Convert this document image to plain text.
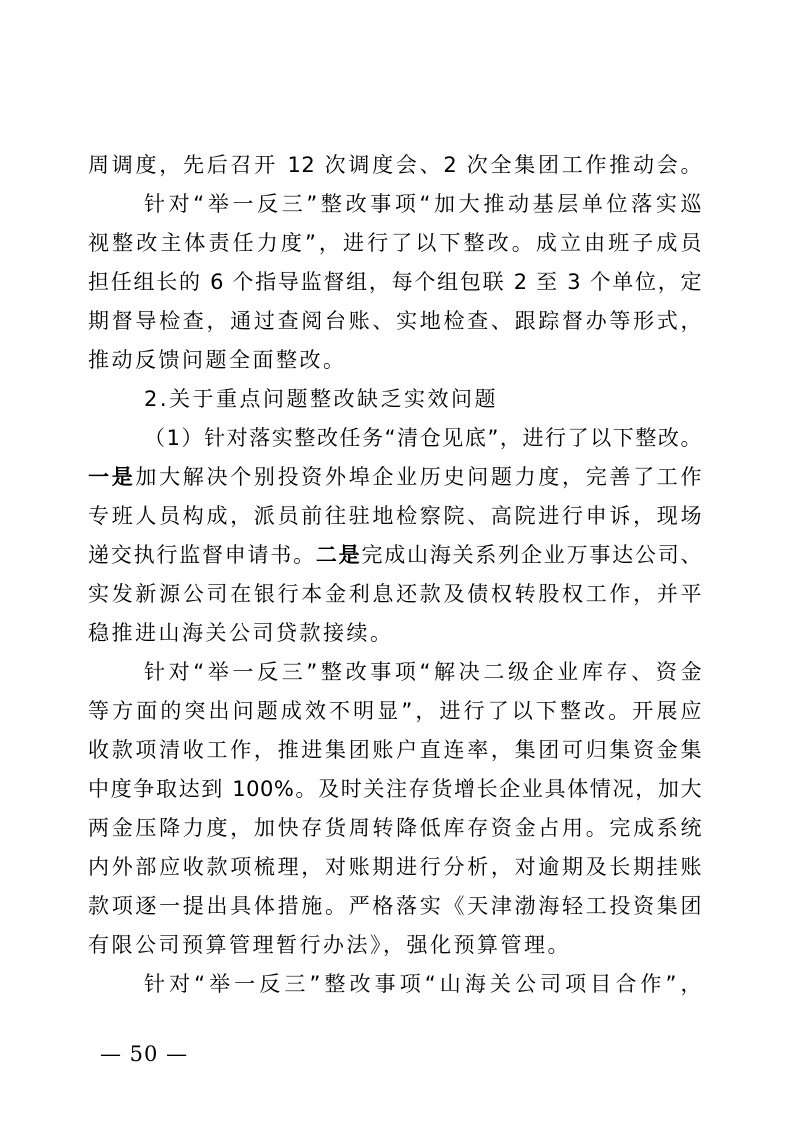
周调度，先后召开 12 次调度会、2 次全集团工作推动会。
针对“举一反三”整改事项“加大推动基层单位落实巡
视整改主体责任力度”，进行了以下整改。成立由班子成员
担任组长的 6 个指导监督组，每个组包联 2 至 3 个单位，定
期督导检查，通过查阅台账、实地检查、跟踪督办等形式，
推动反馈问题全面整改。
2.关于重点问题整改缺乏实效问题
（1）针对落实整改任务“清仓见底”，进行了以下整改。
一是加大解决个别投资外埠企业历史问题力度，完善了工作
专班人员构成，派员前往驻地检察院、高院进行申诉，现场
递交执行监督申请书。二是完成山海关系列企业万事达公司、
实发新源公司在银行本金利息还款及债权转股权工作，并平
稳推进山海关公司贷款接续。
针对“举一反三”整改事项“解决二级企业库存、资金
等方面的突出问题成效不明显”，进行了以下整改。开展应
收款项清收工作，推进集团账户直连率，集团可归集资金集
中度争取达到 100%。及时关注存货增长企业具体情况，加大
两金压降力度，加快存货周转降低库存资金占用。完成系统
内外部应收款项梳理，对账期进行分析，对逾期及长期挂账
款项逐一提出具体措施。严格落实《天津渤海轻工投资集团
有限公司预算管理暂行办法》，强化预算管理。
针对“举一反三”整改事项“山海关公司项目合作”，
— 50 —
